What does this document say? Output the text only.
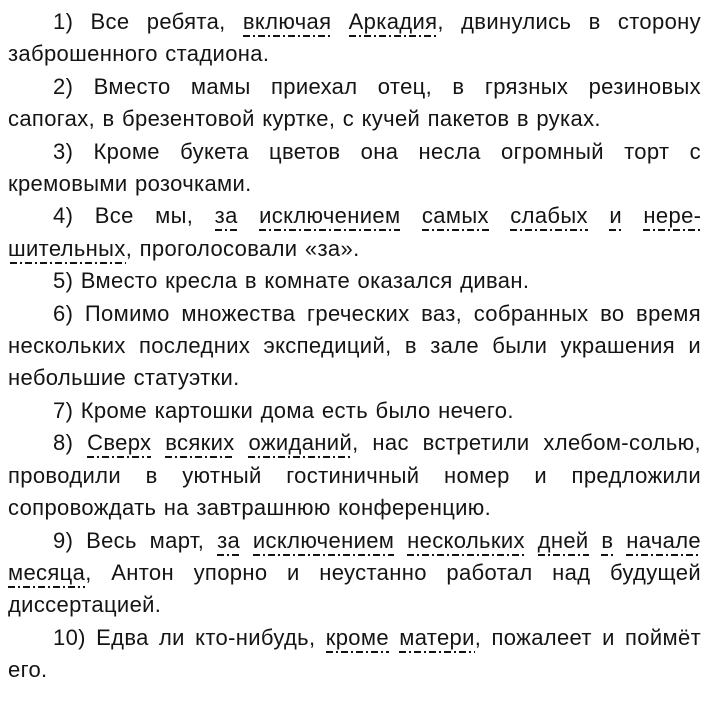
1) Все ребята, включая Аркадия, двинулись в сторону заброшенного стадиона.

2) Вместо мамы приехал отец, в грязных резиновых сапогах, в брезентовой куртке, с кучей пакетов в руках.

3) Кроме букета цветов она несла огромный торт с кремовыми розочками.

4) Все мы, за исключением самых слабых и нерешительных, проголосовали «за».

5) Вместо кресла в комнате оказался диван.

6) Помимо множества греческих ваз, собранных во время нескольких последних экспедиций, в зале были украшения и небольшие статуэтки.

7) Кроме картошки дома есть было нечего.

8) Сверх всяких ожиданий, нас встретили хлебом-солью, проводили в уютный гостиничный номер и предложили сопровождать на завтрашнюю конференцию.

9) Весь март, за исключением нескольких дней в начале месяца, Антон упорно и неустанно работал над будущей диссертацией.

10) Едва ли кто-нибудь, кроме матери, пожалеет и поймёт его.
